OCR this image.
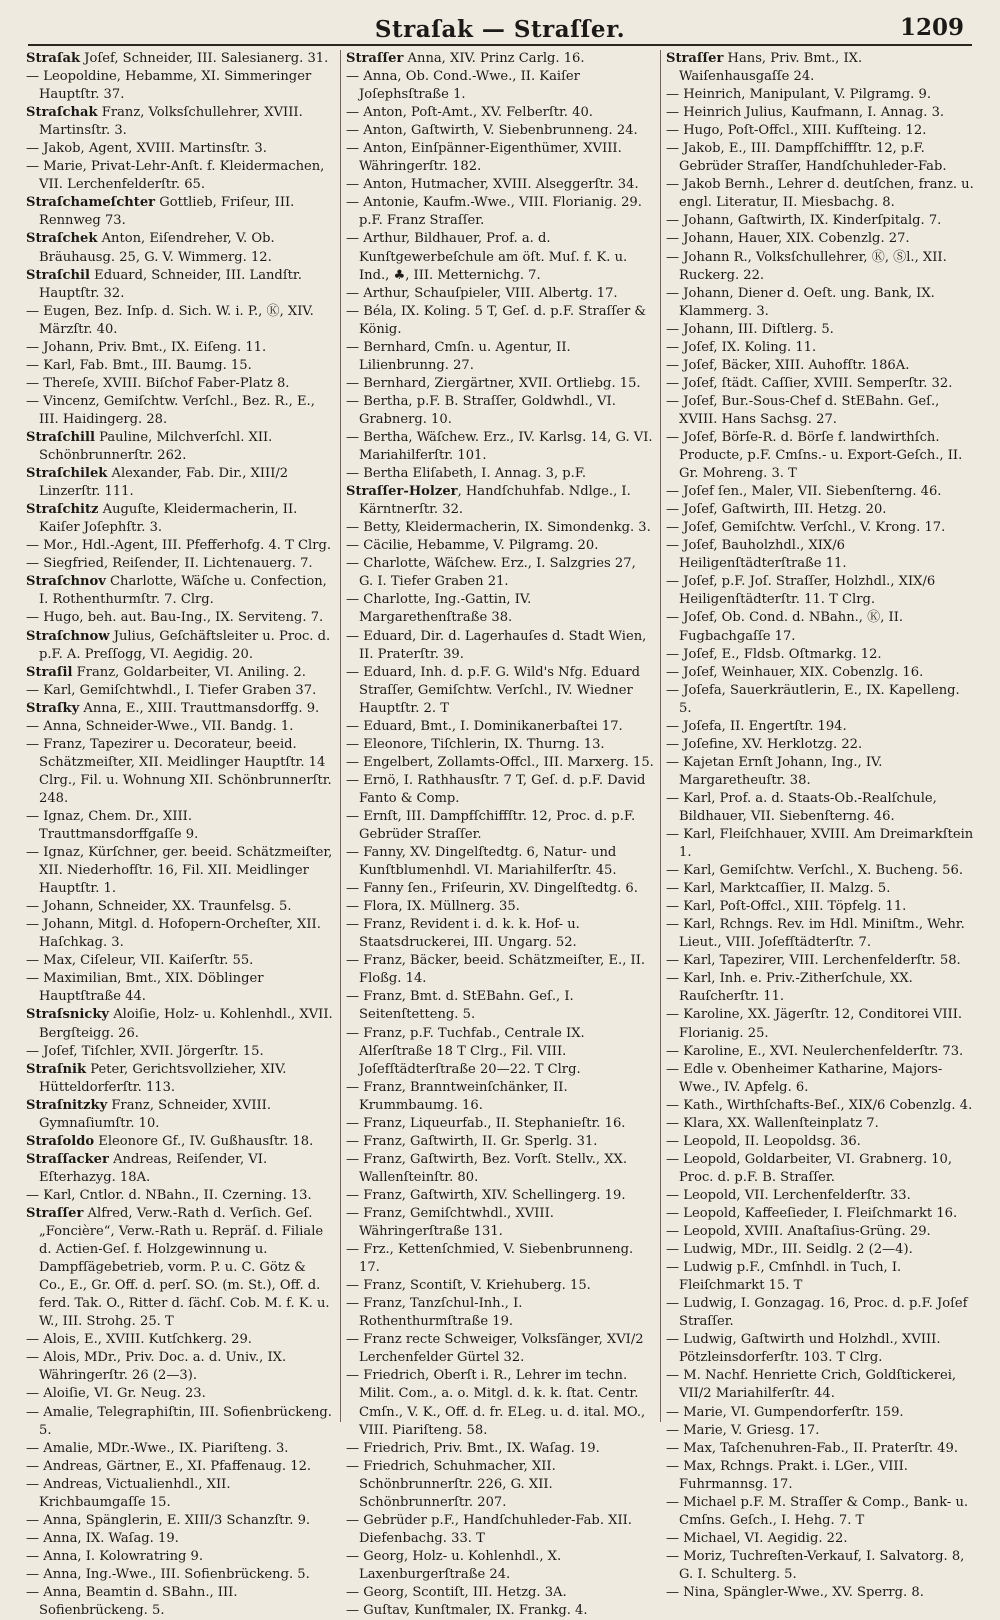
Straſak — Straſſer.	1209

Straſak Joſef, Schneider, III. Salesianerg. 31.

— Leopoldine, Hebamme, XI. Simmeringer Hauptſtr. 37.

Straſchak Franz, Volksſchullehrer, XVIII. Martinsſtr. 3.

— Jakob, Agent, XVIII. Martinsſtr. 3.

— Marie, Privat-Lehr-Anſt. f. Kleidermachen, VII. Lerchenfelderſtr. 65.

Straſchameſchter Gottlieb, Friſeur, III. Rennweg 73.

Straſchek Anton, Eiſendreher, V. Ob. Bräuhausg. 25, G. V. Wimmerg. 12.

Straſchil Eduard, Schneider, III. Landſtr. Hauptſtr. 32.

— Eugen, Bez. Inſp. d. Sich. W. i. P., Ⓚ, XIV. Märzſtr. 40.

— Johann, Priv. Bmt., IX. Eiſeng. 11.

— Karl, Fab. Bmt., III. Baumg. 15.

— Thereſe, XVIII. Biſchof Faber-Platz 8.

— Vincenz, Gemiſchtw. Verſchl., Bez. R., E., III. Haidingerg. 28.

Straſchill Pauline, Milchverſchl. XII. Schönbrunnerſtr. 262.

Straſchilek Alexander, Fab. Dir., XIII/2 Linzerſtr. 111.

Straſchitz Auguſte, Kleidermacherin, II. Kaiſer Joſephſtr. 3.

— Mor., Hdl.-Agent, III. Pfefferhofg. 4. T Clrg.

— Siegfried, Reiſender, II. Lichtenauerg. 7.

Straſchnov Charlotte, Wäſche u. Confection, I. Rothenthurmſtr. 7. Clrg.

— Hugo, beh. aut. Bau-Ing., IX. Serviteng. 7.

Straſchnow Julius, Geſchäftsleiter u. Proc. d. p.F. A. Preſſogg, VI. Aegidig. 20.

Straſil Franz, Goldarbeiter, VI. Aniling. 2.

— Karl, Gemiſchtwhdl., I. Tiefer Graben 37.

Straſky Anna, E., XIII. Trauttmansdorffg. 9.

— Anna, Schneider-Wwe., VII. Bandg. 1.

— Franz, Tapezirer u. Decorateur, beeid. Schätzmeiſter, XII. Meidlinger Hauptſtr. 14 Clrg., Fil. u. Wohnung XII. Schönbrunnerſtr. 248.

— Ignaz, Chem. Dr., XIII. Trauttmansdorffgaſſe 9.

— Ignaz, Kürſchner, ger. beeid. Schätzmeiſter, XII. Niederhofſtr. 16, Fil. XII. Meidlinger Hauptſtr. 1.

— Johann, Schneider, XX. Traunfelsg. 5.

— Johann, Mitgl. d. Hofopern-Orcheſter, XII. Haſchkag. 3.

— Max, Ciſeleur, VII. Kaiſerſtr. 55.

— Maximilian, Bmt., XIX. Döblinger Hauptſtraße 44.

Straſsnicky Aloiſie, Holz- u. Kohlenhdl., XVII. Bergſteigg. 26.

— Joſef, Tiſchler, XVII. Jörgerſtr. 15.

Straſnik Peter, Gerichtsvollzieher, XIV. Hütteldorferſtr. 113.

Straſnitzky Franz, Schneider, XVIII. Gymnaſiumſtr. 10.

Straſoldo Eleonore Gf., IV. Gußhausſtr. 18.

Straſſacker Andreas, Reiſender, VI. Eſterhazyg. 18A.

— Karl, Cntlor. d. NBahn., II. Czerning. 13.

Straſſer Alfred, Verw.-Rath d. Verſich. Geſ. „Foncière“, Verw.-Rath u. Repräſ. d. Filiale d. Actien-Geſ. f. Holzgewinnung u. Dampfſägebetrieb, vorm. P. u. C. Götz & Co., E., Gr. Off. d. perſ. SO. (m. St.), Off. d. ferd. Tak. O., Ritter d. ſächſ. Cob. M. f. K. u. W., III. Strohg. 25. T

— Alois, E., XVIII. Kutſchkerg. 29.

— Alois, MDr., Priv. Doc. a. d. Univ., IX. Währingerſtr. 26 (2—3).

— Aloiſie, VI. Gr. Neug. 23.

— Amalie, Telegraphiſtin, III. Sofienbrückeng. 5.

— Amalie, MDr.-Wwe., IX. Piariſteng. 3.

— Andreas, Gärtner, E., XI. Pfaffenaug. 12.

— Andreas, Victualienhdl., XII. Krichbaumgaſſe 15.

— Anna, Spänglerin, E. XIII/3 Schanzſtr. 9.

— Anna, IX. Waſag. 19.

— Anna, I. Kolowratring 9.

— Anna, Ing.-Wwe., III. Sofienbrückeng. 5.

— Anna, Beamtin d. SBahn., III. Sofienbrückeng. 5.

Straſſer Anna, XIV. Prinz Carlg. 16.

— Anna, Ob. Cond.-Wwe., II. Kaiſer Joſephsſtraße 1.

— Anton, Poſt-Amt., XV. Felberſtr. 40.

— Anton, Gaſtwirth, V. Siebenbrunneng. 24.

— Anton, Einſpänner-Eigenthümer, XVIII. Währingerſtr. 182.

— Anton, Hutmacher, XVIII. Alseggerſtr. 34.

— Antonie, Kaufm.-Wwe., VIII. Florianig. 29. p.F. Franz Straſſer.

— Arthur, Bildhauer, Prof. a. d. Kunſtgewerbeſchule am öſt. Muſ. f. K. u. Ind., ♣, III. Metternichg. 7.

— Arthur, Schauſpieler, VIII. Albertg. 17.

— Béla, IX. Koling. 5 T, Geſ. d. p.F. Straſſer & König.

— Bernhard, Cmſn. u. Agentur, II. Lilienbrunng. 27.

— Bernhard, Ziergärtner, XVII. Ortliebg. 15.

— Bertha, p.F. B. Straſſer, Goldwhdl., VI. Grabnerg. 10.

— Bertha, Wäſchew. Erz., IV. Karlsg. 14, G. VI. Mariahilferſtr. 101.

— Bertha Eliſabeth, I. Annag. 3, p.F.

Straſſer-Holzer, Handſchuhfab. Ndlge., I. Kärntnerſtr. 32.

— Betty, Kleidermacherin, IX. Simondenkg. 3.

— Cäcilie, Hebamme, V. Pilgramg. 20.

— Charlotte, Wäſchew. Erz., I. Salzgries 27, G. I. Tiefer Graben 21.

— Charlotte, Ing.-Gattin, IV. Margarethenſtraße 38.

— Eduard, Dir. d. Lagerhauſes d. Stadt Wien, II. Praterſtr. 39.

— Eduard, Inh. d. p.F. G. Wild's Nfg. Eduard Straſſer, Gemiſchtw. Verſchl., IV. Wiedner Hauptſtr. 2. T

— Eduard, Bmt., I. Dominikanerbaſtei 17.

— Eleonore, Tiſchlerin, IX. Thurng. 13.

— Engelbert, Zollamts-Offcl., III. Marxerg. 15.

— Ernö, I. Rathhausſtr. 7 T, Geſ. d. p.F. David Fanto & Comp.

— Ernſt, III. Dampfſchiffſtr. 12, Proc. d. p.F. Gebrüder Straſſer.

— Fanny, XV. Dingelſtedtg. 6, Natur- und Kunſtblumenhdl. VI. Mariahilferſtr. 45.

— Fanny ſen., Friſeurin, XV. Dingelſtedtg. 6.

— Flora, IX. Müllnerg. 35.

— Franz, Revident i. d. k. k. Hof- u. Staatsdruckerei, III. Ungarg. 52.

— Franz, Bäcker, beeid. Schätzmeiſter, E., II. Floßg. 14.

— Franz, Bmt. d. StEBahn. Geſ., I. Seitenſtetteng. 5.

— Franz, p.F. Tuchfab., Centrale IX. Alſerſtraße 18 T Clrg., Fil. VIII. Joſefſtädterſtraße 20—22. T Clrg.

— Franz, Branntweinſchänker, II. Krummbaumg. 16.

— Franz, Liqueurfab., II. Stephanieſtr. 16.

— Franz, Gaſtwirth, II. Gr. Sperlg. 31.

— Franz, Gaſtwirth, Bez. Vorſt. Stellv., XX. Wallenſteinſtr. 80.

— Franz, Gaſtwirth, XIV. Schellingerg. 19.

— Franz, Gemiſchtwhdl., XVIII. Währingerſtraße 131.

— Frz., Kettenſchmied, V. Siebenbrunneng. 17.

— Franz, Scontiſt, V. Kriehuberg. 15.

— Franz, Tanzſchul-Inh., I. Rothenthurmſtraße 19.

— Franz recte Schweiger, Volksſänger, XVI/2 Lerchenfelder Gürtel 32.

— Friedrich, Oberſt i. R., Lehrer im techn. Milit. Com., a. o. Mitgl. d. k. k. ſtat. Centr. Cmſn., V. K., Off. d. fr. ELeg. u. d. ital. MO., VIII. Piariſteng. 58.

— Friedrich, Priv. Bmt., IX. Waſag. 19.

— Friedrich, Schuhmacher, XII. Schönbrunnerſtr. 226, G. XII. Schönbrunnerſtr. 207.

— Gebrüder p.F., Handſchuhleder-Fab. XII. Diefenbachg. 33. T

— Georg, Holz- u. Kohlenhdl., X. Laxenburgerſtraße 24.

— Georg, Scontiſt, III. Hetzg. 3A.

— Guſtav, Kunſtmaler, IX. Frankg. 4.

Straſſer Hans, Priv. Bmt., IX. Waiſenhausgaſſe 24.

— Heinrich, Manipulant, V. Pilgramg. 9.

— Heinrich Julius, Kaufmann, I. Annag. 3.

— Hugo, Poſt-Offcl., XIII. Kufſteing. 12.

— Jakob, E., III. Dampfſchiffſtr. 12, p.F. Gebrüder Straſſer, Handſchuhleder-Fab.

— Jakob Bernh., Lehrer d. deutſchen, franz. u. engl. Literatur, II. Miesbachg. 8.

— Johann, Gaſtwirth, IX. Kinderſpitalg. 7.

— Johann, Hauer, XIX. Cobenzlg. 27.

— Johann R., Volksſchullehrer, Ⓚ, Ⓢl., XII. Ruckerg. 22.

— Johann, Diener d. Oeſt. ung. Bank, IX. Klammerg. 3.

— Johann, III. Diſtlerg. 5.

— Joſef, IX. Koling. 11.

— Joſef, Bäcker, XIII. Auhofſtr. 186A.

— Joſef, ſtädt. Caſſier, XVIII. Semperſtr. 32.

— Joſef, Bur.-Sous-Chef d. StEBahn. Geſ., XVIII. Hans Sachsg. 27.

— Joſef, Börſe-R. d. Börſe f. landwirthſch. Producte, p.F. Cmſns.- u. Export-Geſch., II. Gr. Mohreng. 3. T

— Joſef ſen., Maler, VII. Siebenſterng. 46.

— Joſef, Gaſtwirth, III. Hetzg. 20.

— Joſef, Gemiſchtw. Verſchl., V. Krong. 17.

— Joſef, Bauholzhdl., XIX/6 Heiligenſtädterſtraße 11.

— Joſef, p.F. Joſ. Straſſer, Holzhdl., XIX/6 Heiligenſtädterſtr. 11. T Clrg.

— Joſef, Ob. Cond. d. NBahn., Ⓚ, II. Fugbachgaſſe 17.

— Joſef, E., Fldsb. Oſtmarkg. 12.

— Joſef, Weinhauer, XIX. Cobenzlg. 16.

— Joſefa, Sauerkräutlerin, E., IX. Kapelleng. 5.

— Joſefa, II. Engertſtr. 194.

— Joſefine, XV. Herklotzg. 22.

— Kajetan Ernſt Johann, Ing., IV. Margaretheuſtr. 38.

— Karl, Prof. a. d. Staats-Ob.-Realſchule, Bildhauer, VII. Siebenſterng. 46.

— Karl, Fleiſchhauer, XVIII. Am Dreimarkſtein 1.

— Karl, Gemiſchtw. Verſchl., X. Bucheng. 56.

— Karl, Marktcaſſier, II. Malzg. 5.

— Karl, Poſt-Offcl., XIII. Töpfelg. 11.

— Karl, Rchngs. Rev. im Hdl. Miniſtm., Wehr. Lieut., VIII. Joſefſtädterſtr. 7.

— Karl, Tapezirer, VIII. Lerchenfelderſtr. 58.

— Karl, Inh. e. Priv.-Zitherſchule, XX. Rauſcherſtr. 11.

— Karoline, XX. Jägerſtr. 12, Conditorei VIII. Florianig. 25.

— Karoline, E., XVI. Neulerchenfelderſtr. 73.

— Edle v. Obenheimer Katharine, Majors-Wwe., IV. Apfelg. 6.

— Kath., Wirthſchafts-Beſ., XIX/6 Cobenzlg. 4.

— Klara, XX. Wallenſteinplatz 7.

— Leopold, II. Leopoldsg. 36.

— Leopold, Goldarbeiter, VI. Grabnerg. 10, Proc. d. p.F. B. Straſſer.

— Leopold, VII. Lerchenfelderſtr. 33.

— Leopold, Kaffeeſieder, I. Fleiſchmarkt 16.

— Leopold, XVIII. Anaſtaſius-Grüng. 29.

— Ludwig, MDr., III. Seidlg. 2 (2—4).

— Ludwig p.F., Cmſnhdl. in Tuch, I. Fleiſchmarkt 15. T

— Ludwig, I. Gonzagag. 16, Proc. d. p.F. Joſef Straſſer.

— Ludwig, Gaſtwirth und Holzhdl., XVIII. Pötzleinsdorferſtr. 103. T Clrg.

— M. Nachf. Henriette Crich, Goldſtickerei, VII/2 Mariahilferſtr. 44.

— Marie, VI. Gumpendorferſtr. 159.

— Marie, V. Griesg. 17.

— Max, Taſchenuhren-Fab., II. Praterſtr. 49.

— Max, Rchngs. Prakt. i. LGer., VIII. Fuhrmannsg. 17.

— Michael p.F. M. Straſſer & Comp., Bank- u. Cmſns. Geſch., I. Hehg. 7. T

— Michael, VI. Aegidig. 22.

— Moriz, Tuchreſten-Verkauf, I. Salvatorg. 8, G. I. Schulterg. 5.

— Nina, Spängler-Wwe., XV. Sperrg. 8.
